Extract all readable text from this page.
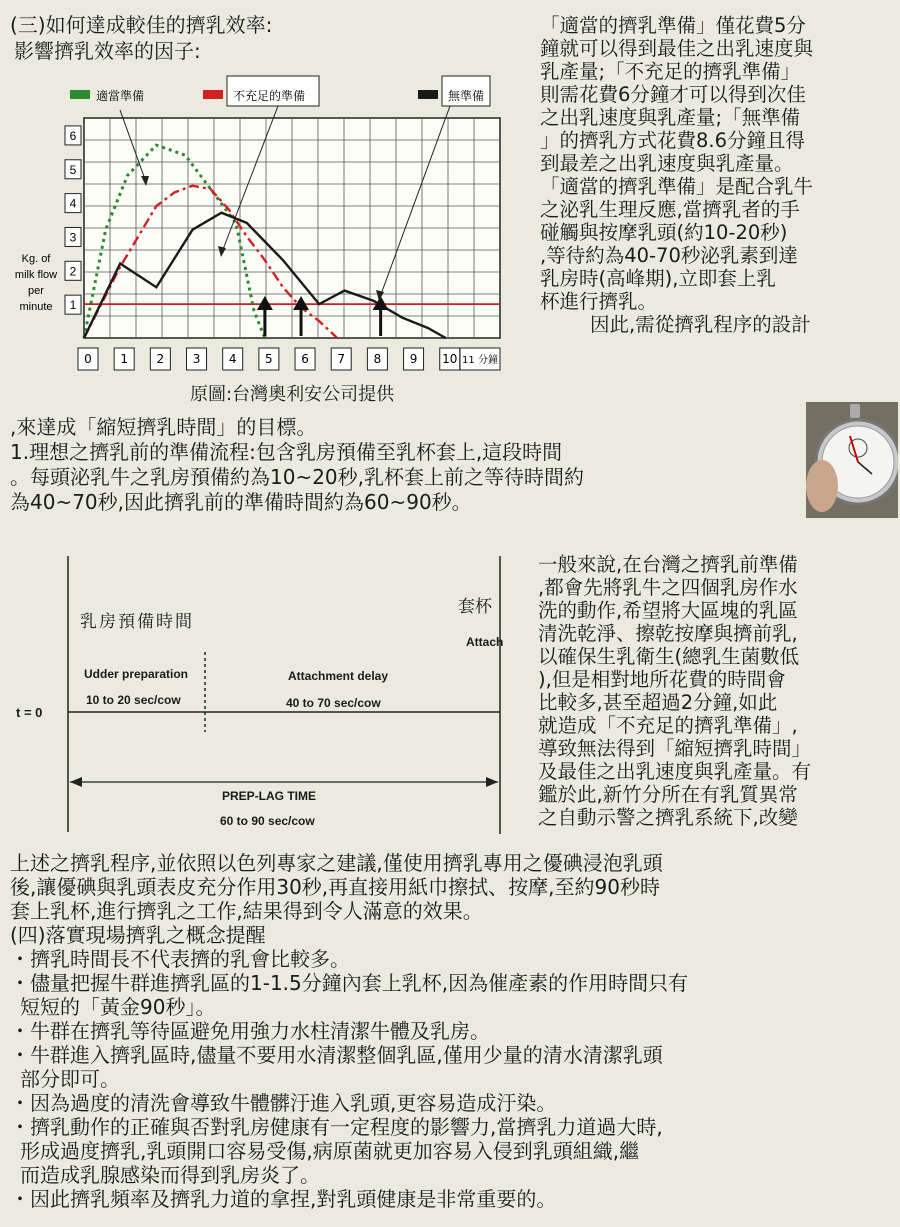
(三)如何達成較佳的擠乳效率:
影響擠乳效率的因子:
「適當的擠乳準備」僅花費5分
鐘就可以得到最佳之出乳速度與
乳產量;「不充足的擠乳準備」
則需花費6分鐘才可以得到次佳
之出乳速度與乳產量;「無準備
」的擠乳方式花費8.6分鐘且得
到最差之出乳速度與乳產量。
「適當的擠乳準備」是配合乳牛
之泌乳生理反應,當擠乳者的手
碰觸與按摩乳頭(約10-20秒)
,等待約為40-70秒泌乳素到達
乳房時(高峰期),立即套上乳
杯進行擠乳。
因此,需從擠乳程序的設計
1
2
3
4
5
6
Kg. of
milk flow
per
minute
0 1 2 3 4 5 6 7 8 9 10 11 分鐘
適當準備	不充足的準備	無準備
原圖:台灣奧利安公司提供
,來達成「縮短擠乳時間」的目標。
1.理想之擠乳前的準備流程:包含乳房預備至乳杯套上,這段時間
。每頭泌乳牛之乳房預備約為10~20秒,乳杯套上前之等待時間約
為40~70秒,因此擠乳前的準備時間約為60~90秒。
乳房預備時間
套杯
Attach
Udder preparation
10 to 20 sec/cow
Attachment delay
40 to 70 sec/cow
t = 0
PREP-LAG TIME
60 to 90 sec/cow
一般來說,在台灣之擠乳前準備
,都會先將乳牛之四個乳房作水
洗的動作,希望將大區塊的乳區
清洗乾淨、擦乾按摩與擠前乳,
以確保生乳衛生(總乳生菌數低
),但是相對地所花費的時間會
比較多,甚至超過2分鐘,如此
就造成「不充足的擠乳準備」,
導致無法得到「縮短擠乳時間」
及最佳之出乳速度與乳產量。有
鑑於此,新竹分所在有乳質異常
之自動示警之擠乳系統下,改變
上述之擠乳程序,並依照以色列專家之建議,僅使用擠乳專用之優碘浸泡乳頭
後,讓優碘與乳頭表皮充分作用30秒,再直接用紙巾擦拭、按摩,至約90秒時
套上乳杯,進行擠乳之工作,結果得到令人滿意的效果。
(四)落實現場擠乳之概念提醒
・擠乳時間長不代表擠的乳會比較多。
・儘量把握牛群進擠乳區的1-1.5分鐘內套上乳杯,因為催產素的作用時間只有
短短的「黃金90秒」。
・牛群在擠乳等待區避免用強力水柱清潔牛體及乳房。
・牛群進入擠乳區時,儘量不要用水清潔整個乳區,僅用少量的清水清潔乳頭
部分即可。
・因為過度的清洗會導致牛體髒汙進入乳頭,更容易造成汙染。
・擠乳動作的正確與否對乳房健康有一定程度的影響力,當擠乳力道過大時,
形成過度擠乳,乳頭開口容易受傷,病原菌就更加容易入侵到乳頭組織,繼
而造成乳腺感染而得到乳房炎了。
・因此擠乳頻率及擠乳力道的拿捏,對乳頭健康是非常重要的。
